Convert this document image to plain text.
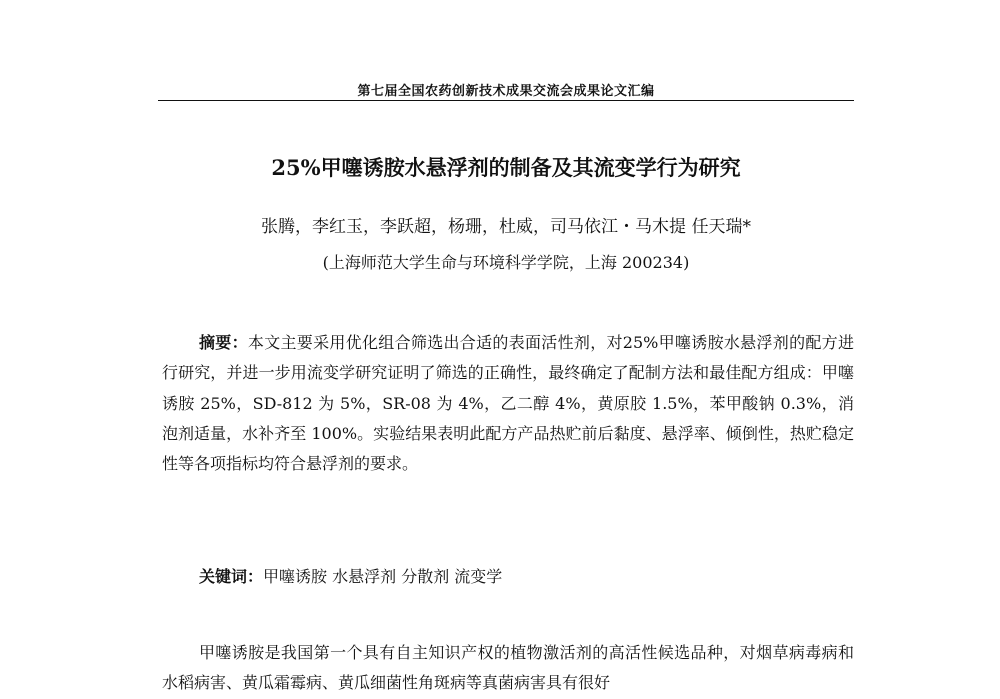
第七届全国农药创新技术成果交流会成果论文汇编
25%甲噻诱胺水悬浮剂的制备及其流变学行为研究
张腾，李红玉，李跃超，杨珊，杜威，司马依江・马木提 任天瑞*
(上海师范大学生命与环境科学学院，上海 200234)

摘要：本文主要采用优化组合筛选出合适的表面活性剂，对25%甲噻诱胺水悬浮剂的配方进行研究，并进一步用流变学研究证明了筛选的正确性，最终确定了配制方法和最佳配方组成：甲噻诱胺 25%，SD-812 为 5%，SR-08 为 4%，乙二醇 4%，黄原胶 1.5%，苯甲酸钠 0.3%，消泡剂适量，水补齐至 100%。实验结果表明此配方产品热贮前后黏度、悬浮率、倾倒性，热贮稳定性等各项指标均符合悬浮剂的要求。

关键词：甲噻诱胺 水悬浮剂 分散剂 流变学

甲噻诱胺是我国第一个具有自主知识产权的植物激活剂的高活性候选品种，对烟草病毒病和水稻病害、黄瓜霜霉病、黄瓜细菌性角斑病等真菌病害具有很好
